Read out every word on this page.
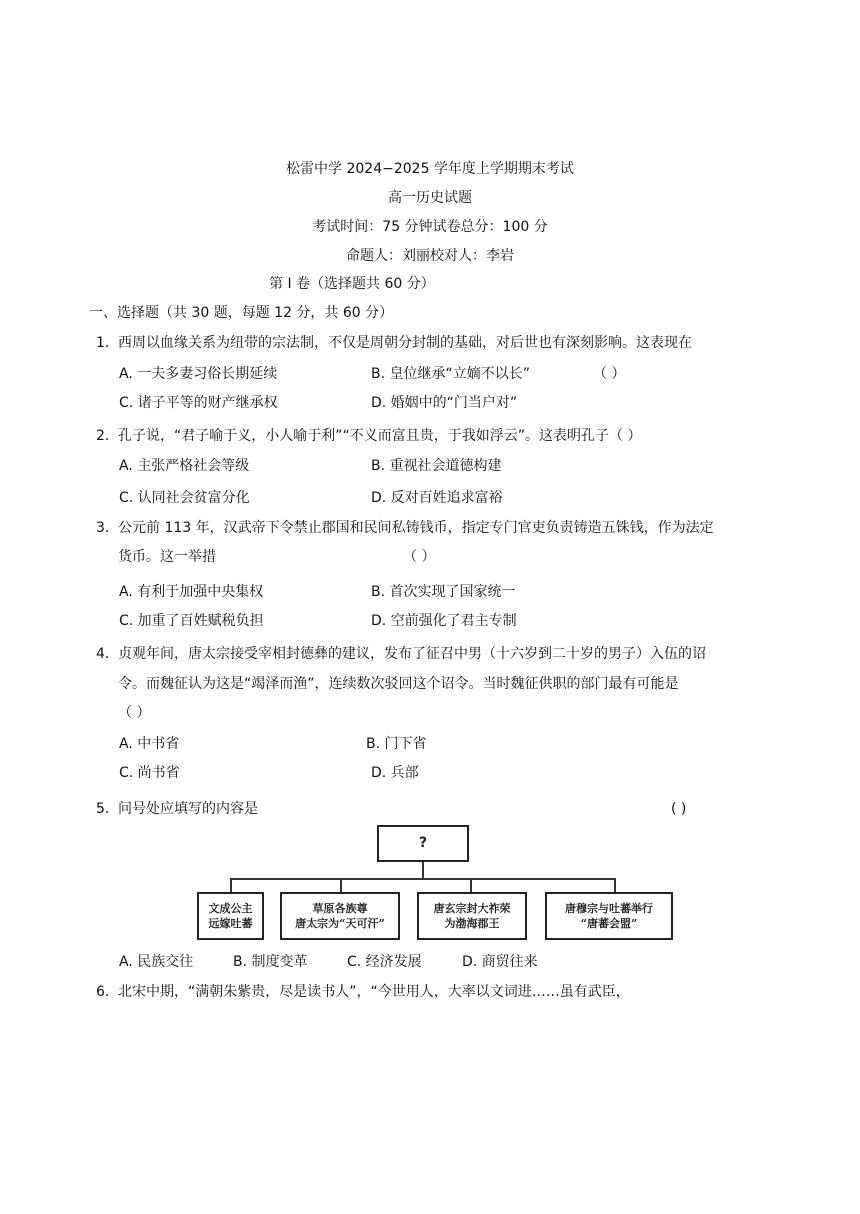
松雷中学 2024−2025 学年度上学期期末考试
高一历史试题
考试时间：75 分钟试卷总分：100 分
命题人：刘丽校对人：李岩
第 I 卷（选择题共 60 分）
一、选择题（共 30 题，每题 12 分，共 60 分）
1．西周以血缘关系为纽带的宗法制，不仅是周朝分封制的基础，对后世也有深刻影响。这表现在
A. 一夫多妻习俗长期延续	B. 皇位继承“立嫡不以长”	（ ）
C. 诸子平等的财产继承权	D. 婚姻中的“门当户对”
2．孔子说，“君子喻于义，小人喻于利”“不义而富且贵，于我如浮云”。这表明孔子（ ）
A. 主张严格社会等级	B. 重视社会道德构建
C. 认同社会贫富分化	D. 反对百姓追求富裕
3．公元前 113 年，汉武帝下令禁止郡国和民间私铸钱币，指定专门官吏负责铸造五铢钱，作为法定
货币。这一举措	（ ）
A. 有利于加强中央集权	B. 首次实现了国家统一
C. 加重了百姓赋税负担	D. 空前强化了君主专制
4．贞观年间，唐太宗接受宰相封德彝的建议，发布了征召中男（十六岁到二十岁的男子）入伍的诏
令。而魏征认为这是“竭泽而渔”，连续数次驳回这个诏令。当时魏征供职的部门最有可能是
（ ）
A. 中书省	B. 门下省
C. 尚书省	D. 兵部
5．问号处应填写的内容是	( )
?
文成公主
远嫁吐蕃
草原各族尊
唐太宗为“天可汗”
唐玄宗封大祚荣
为渤海郡王
唐穆宗与吐蕃举行
“唐蕃会盟”
A. 民族交往	B. 制度变革	C. 经济发展	D. 商贸往来
6．北宋中期，“满朝朱紫贵，尽是读书人”，“今世用人，大率以文词进……虽有武臣，
